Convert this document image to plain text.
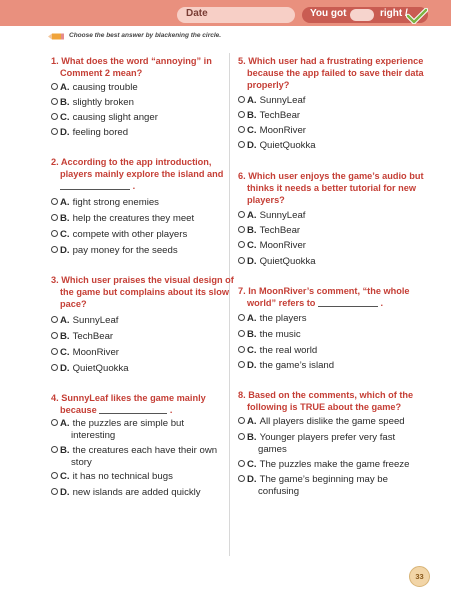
Date	You got	right /
Choose the best answer by blackening the circle.
1. What does the word “annoying” in
Comment 2 mean?
A. causing trouble
B. slightly broken
C. causing slight anger
D. feeling bored
2. According to the app introduction,
players mainly explore the island and
.
A. fight strong enemies
B. help the creatures they meet
C. compete with other players
D. pay money for the seeds
3. Which user praises the visual design of
the game but complains about its slow
pace?
A. SunnyLeaf
B. TechBear
C. MoonRiver
D. QuietQuokka
4. SunnyLeaf likes the game mainly
because	.
A. the puzzles are simple but
interesting
B. the creatures each have their own
story
C. it has no technical bugs
D. new islands are added quickly
5. Which user had a frustrating experience
because the app failed to save their data
properly?
A. SunnyLeaf
B. TechBear
C. MoonRiver
D. QuietQuokka
6. Which user enjoys the game’s audio but
thinks it needs a better tutorial for new
players?
A. SunnyLeaf
B. TechBear
C. MoonRiver
D. QuietQuokka
7. In MoonRiver’s comment, “the whole
world” refers to	.
A. the players
B. the music
C. the real world
D. the game’s island
8. Based on the comments, which of the
following is TRUE about the game?
A. All players dislike the game speed
B. Younger players prefer very fast
games
C. The puzzles make the game freeze
D. The game’s beginning may be
confusing
33
